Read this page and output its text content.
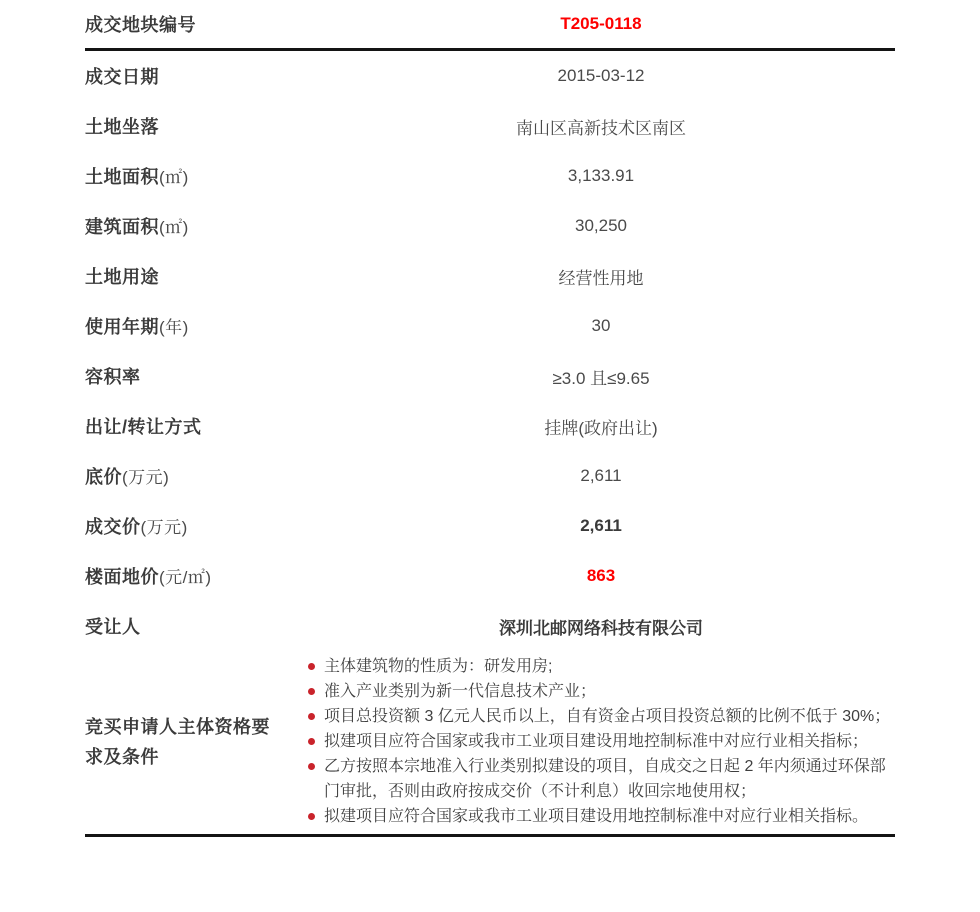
成交地块编号	T205-0118
成交日期	2015-03-12
土地坐落	南山区高新技术区南区
土地面积(㎡)	3,133.91
建筑面积(㎡)	30,250
土地用途	经营性用地
使用年期(年)	30
容积率	≥3.0 且≤9.65
出让/转让方式	挂牌(政府出让)
底价(万元)	2,611
成交价(万元)	2,611
楼面地价(元/㎡)	863
受让人	深圳北邮网络科技有限公司
竞买申请人主体资格要求及条件
主体建筑物的性质为：研发用房;
准入产业类别为新一代信息技术产业；
项目总投资额 3 亿元人民币以上，自有资金占项目投资总额的比例不低于 30%；
拟建项目应符合国家或我市工业项目建设用地控制标准中对应行业相关指标；
乙方按照本宗地准入行业类别拟建设的项目，自成交之日起 2 年内须通过环保部门审批，否则由政府按成交价（不计利息）收回宗地使用权；
拟建项目应符合国家或我市工业项目建设用地控制标准中对应行业相关指标。
